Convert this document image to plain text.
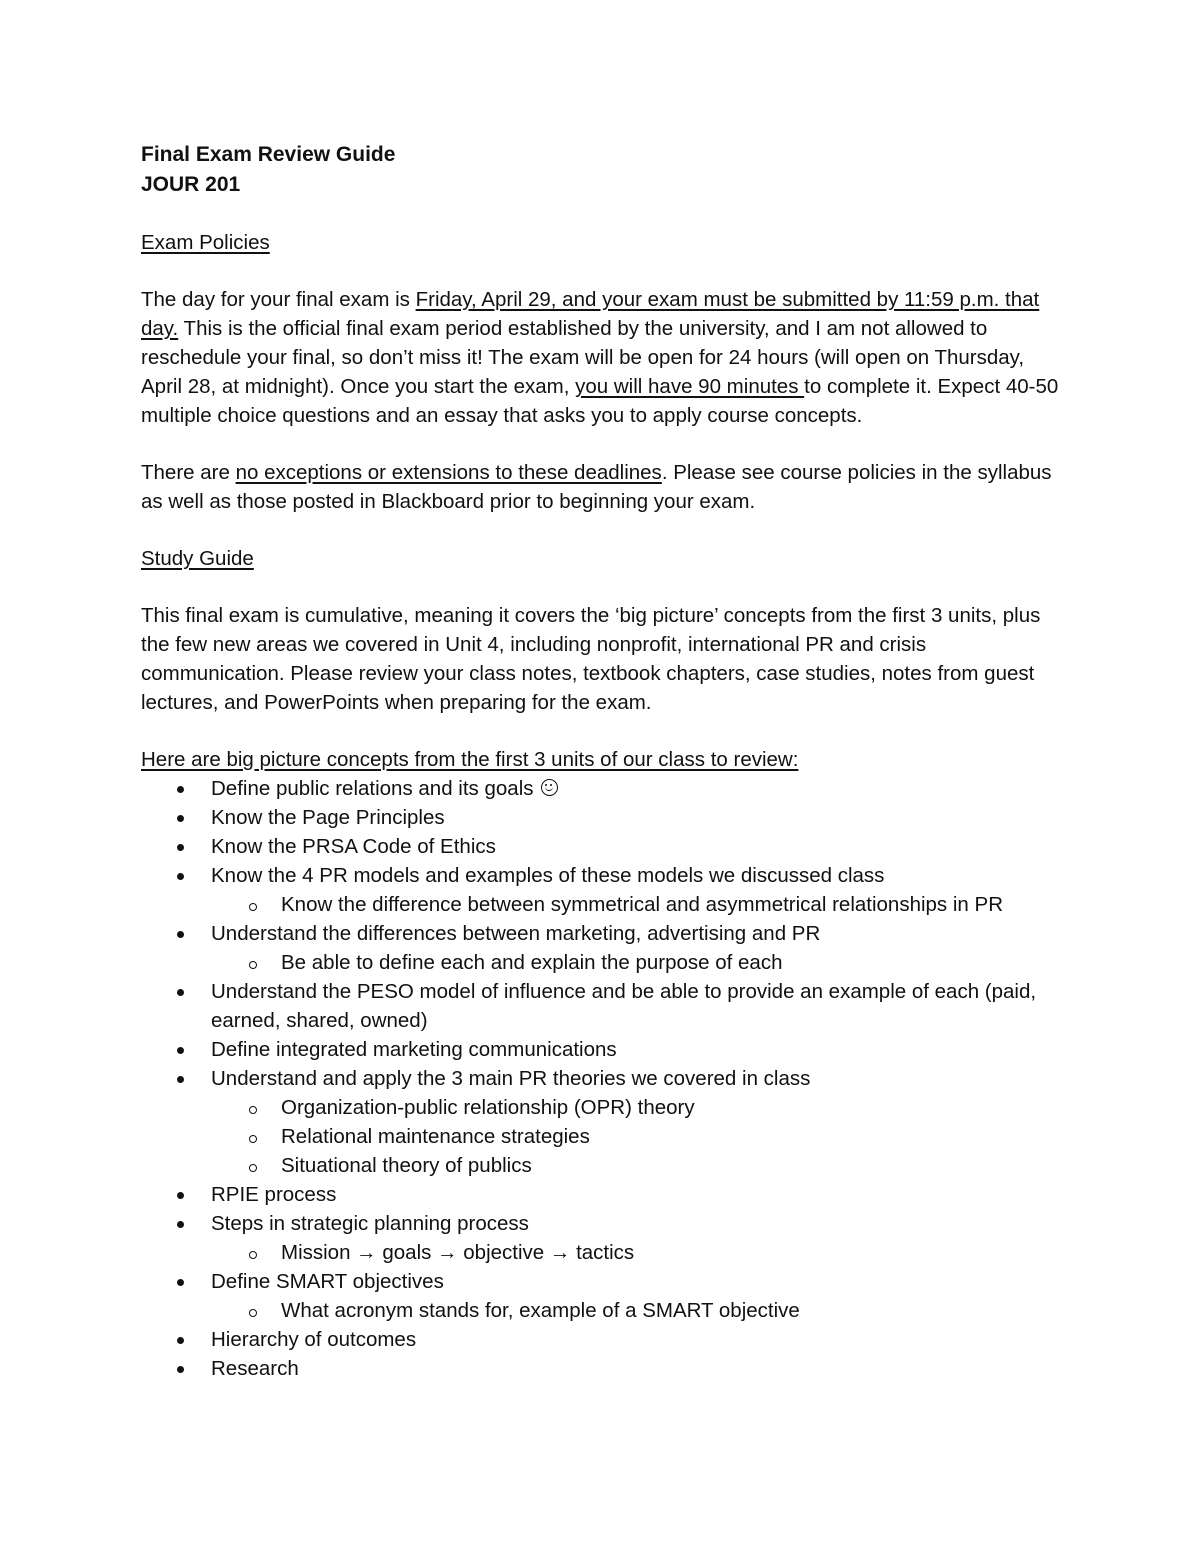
Final Exam Review Guide
JOUR 201
Exam Policies

The day for your final exam is Friday, April 29, and your exam must be submitted by 11:59 p.m. that day. This is the official final exam period established by the university, and I am not allowed to reschedule your final, so don’t miss it! The exam will be open for 24 hours (will open on Thursday, April 28, at midnight). Once you start the exam, you will have 90 minutes to complete it. Expect 40-50 multiple choice questions and an essay that asks you to apply course concepts.

There are no exceptions or extensions to these deadlines. Please see course policies in the syllabus as well as those posted in Blackboard prior to beginning your exam.

Study Guide

This final exam is cumulative, meaning it covers the ‘big picture’ concepts from the first 3 units, plus the few new areas we covered in Unit 4, including nonprofit, international PR and crisis communication. Please review your class notes, textbook chapters, case studies, notes from guest lectures, and PowerPoints when preparing for the exam.

Here are big picture concepts from the first 3 units of our class to review:
Define public relations and its goals
Know the Page Principles
Know the PRSA Code of Ethics
Know the 4 PR models and examples of these models we discussed class
Know the difference between symmetrical and asymmetrical relationships in PR
Understand the differences between marketing, advertising and PR
Be able to define each and explain the purpose of each
Understand the PESO model of influence and be able to provide an example of each (paid, earned, shared, owned)
Define integrated marketing communications
Understand and apply the 3 main PR theories we covered in class
Organization-public relationship (OPR) theory
Relational maintenance strategies
Situational theory of publics
RPIE process
Steps in strategic planning process
Mission → goals → objective → tactics
Define SMART objectives
What acronym stands for, example of a SMART objective
Hierarchy of outcomes
Research
